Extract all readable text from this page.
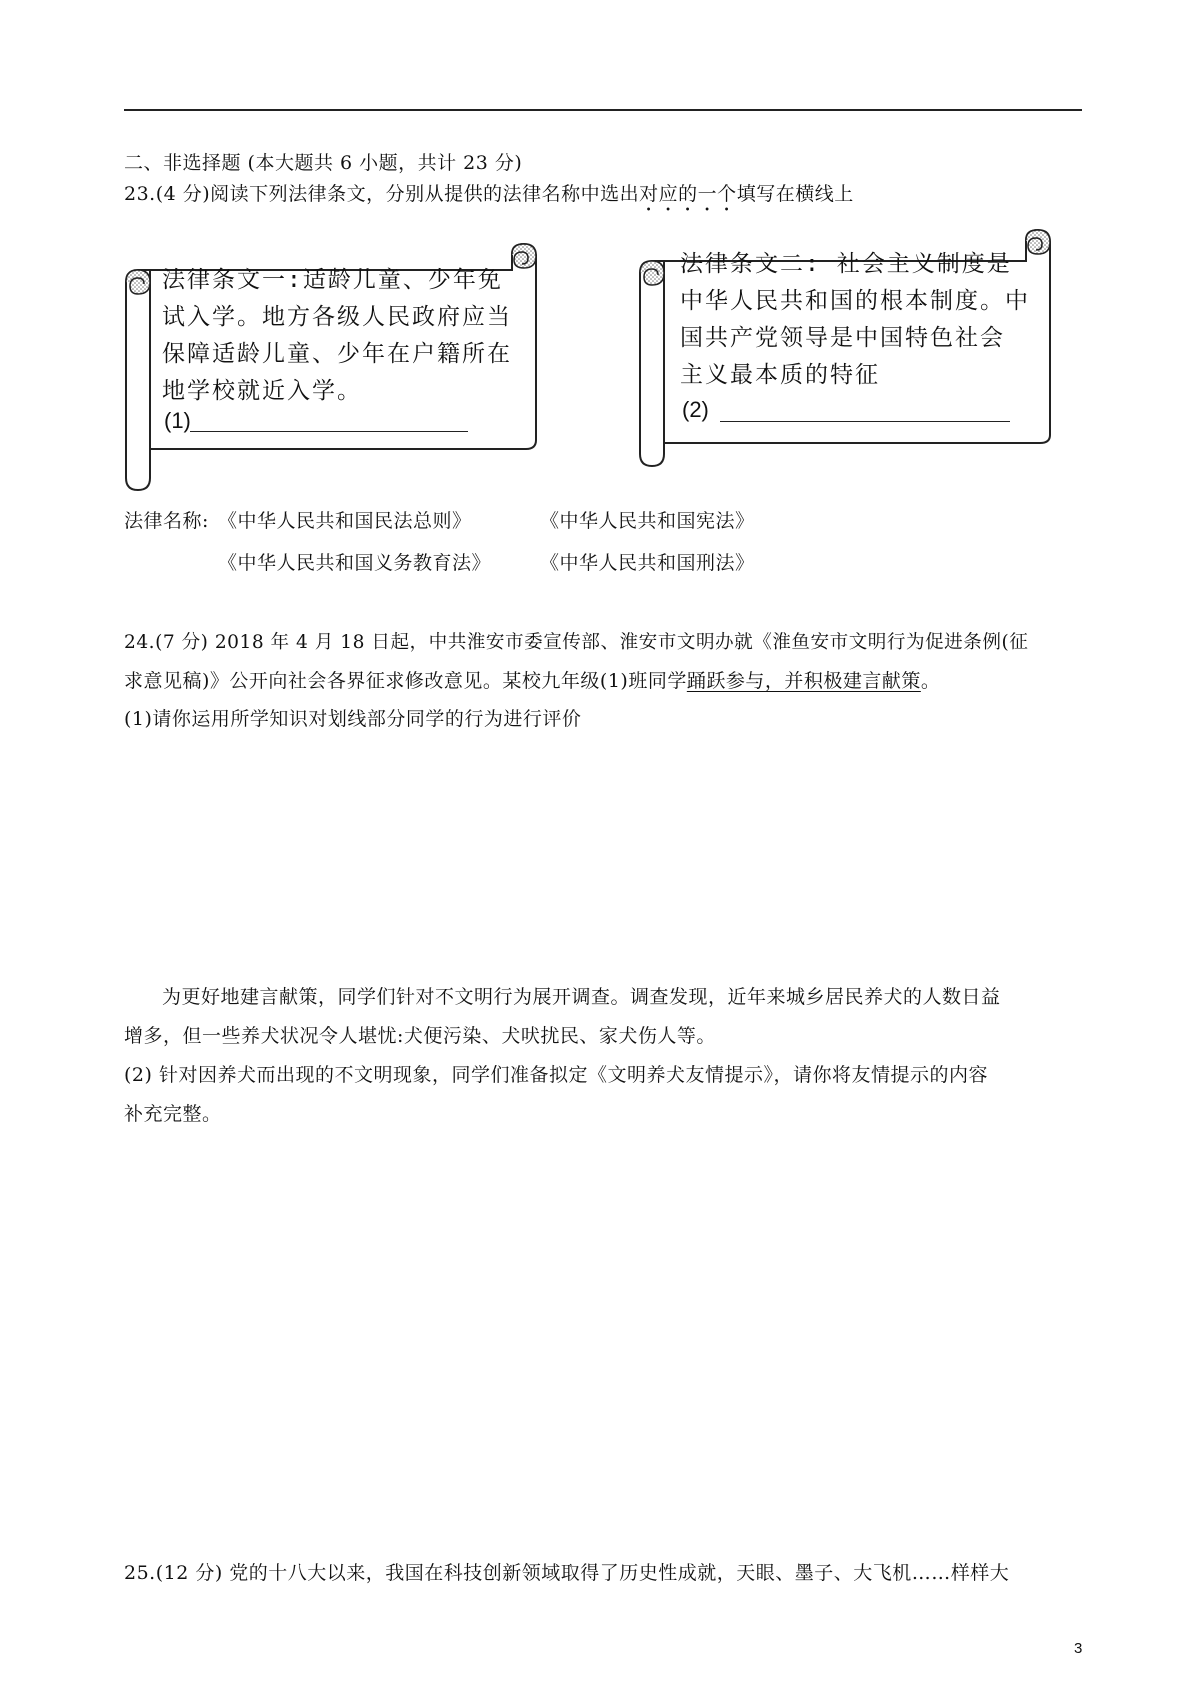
二、非选择题 (本大题共 6 小题，共计 23 分)
23.(4 分)阅读下列法律条文，分别从提供的法律名称中选出对应的一个填写在横线上
法律条文一:适龄儿童、少年免
试入学。地方各级人民政府应当
保障适龄儿童、少年在户籍所在
地学校就近入学。
(1)
法律条文二: 社会主义制度是
中华人民共和国的根本制度。中
国共产党领导是中国特色社会
主义最本质的特征
(2)
法律名称: 《中华人民共和国民法总则》	《中华人民共和国宪法》
《中华人民共和国义务教育法》	《中华人民共和国刑法》
24.(7 分) 2018 年 4 月 18 日起，中共淮安市委宣传部、淮安市文明办就《淮鱼安市文明行为促进条例(征
求意见稿)》公开向社会各界征求修改意见。某校九年级(1)班同学踊跃参与，并积极建言献策。
(1)请你运用所学知识对划线部分同学的行为进行评价
为更好地建言献策，同学们针对不文明行为展开调查。调查发现，近年来城乡居民养犬的人数日益
增多，但一些养犬状况令人堪忧:犬便污染、犬吠扰民、家犬伤人等。
(2) 针对因养犬而出现的不文明现象，同学们准备拟定《文明养犬友情提示》，请你将友情提示的内容
补充完整。
25.(12 分) 党的十八大以来，我国在科技创新领域取得了历史性成就，天眼、墨子、大飞机……样样大
3
